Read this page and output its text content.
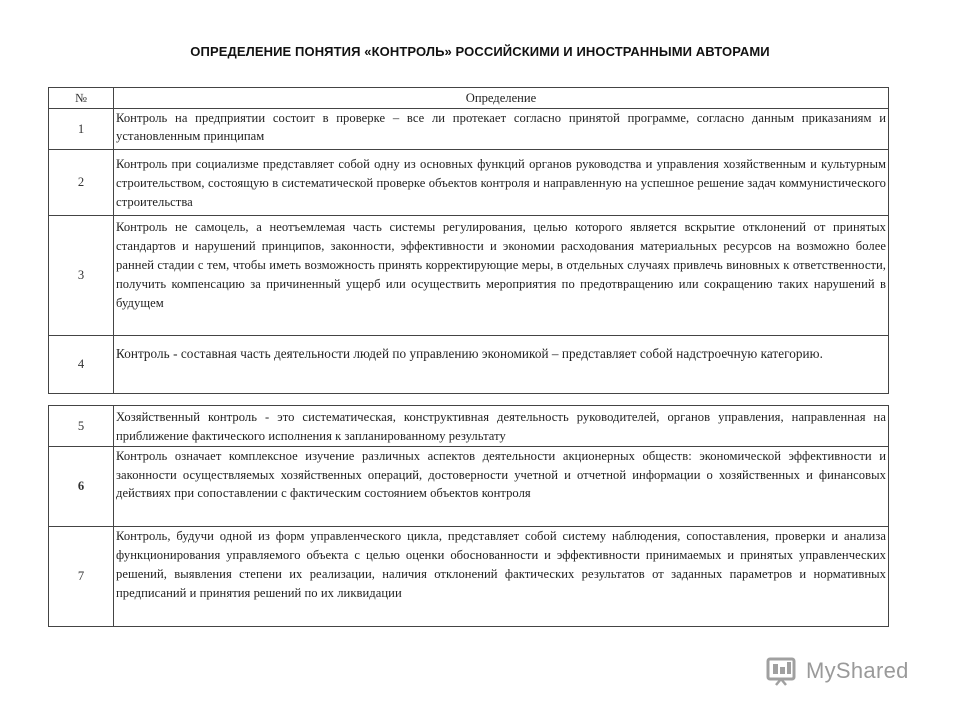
ОПРЕДЕЛЕНИЕ ПОНЯТИЯ «КОНТРОЛЬ» РОССИЙСКИМИ И ИНОСТРАННЫМИ АВТОРАМИ
№	Определение
1	Контроль на предприятии состоит в проверке – все ли протекает согласно принятой программе, согласно данным приказаниям и установленным принципам
2	Контроль при социализме представляет собой одну из основных функций органов руководства и управления хозяйственным и культурным строительством, состоящую в систематической проверке объектов контроля и направленную на успешное решение задач коммунистического строительства
3	Контроль не самоцель, а неотъемлемая часть системы регулирования, целью которого является вскрытие отклонений от принятых стандартов и нарушений принципов, законности, эффективности и экономии расходования материальных ресурсов на возможно более ранней стадии с тем, чтобы иметь возможность принять корректирующие меры, в отдельных случаях привлечь виновных к ответственности, получить компенсацию за причиненный ущерб или осуществить мероприятия по предотвращению или сокращению таких нарушений в будущем
4	Контроль - составная часть деятельности людей по управлению экономикой – представляет собой надстроечную категорию.
5	Хозяйственный контроль - это систематическая, конструктивная деятельность руководителей, органов управления, направленная на приближение фактического исполнения к запланированному результату
6	Контроль означает комплексное изучение различных аспектов деятельности акционерных обществ: экономической эффективности и законности осуществляемых хозяйственных операций, достоверности учетной и отчетной информации о хозяйственных и финансовых действиях при сопоставлении с фактическим состоянием объектов контроля
7	Контроль, будучи одной из форм управленческого цикла, представляет собой систему наблюдения, сопоставления, проверки и анализа функционирования управляемого объекта с целью оценки обоснованности и эффективности принимаемых и принятых управленческих решений, выявления степени их реализации, наличия отклонений фактических результатов от заданных параметров и нормативных предписаний и принятия решений по их ликвидации
MyShared
